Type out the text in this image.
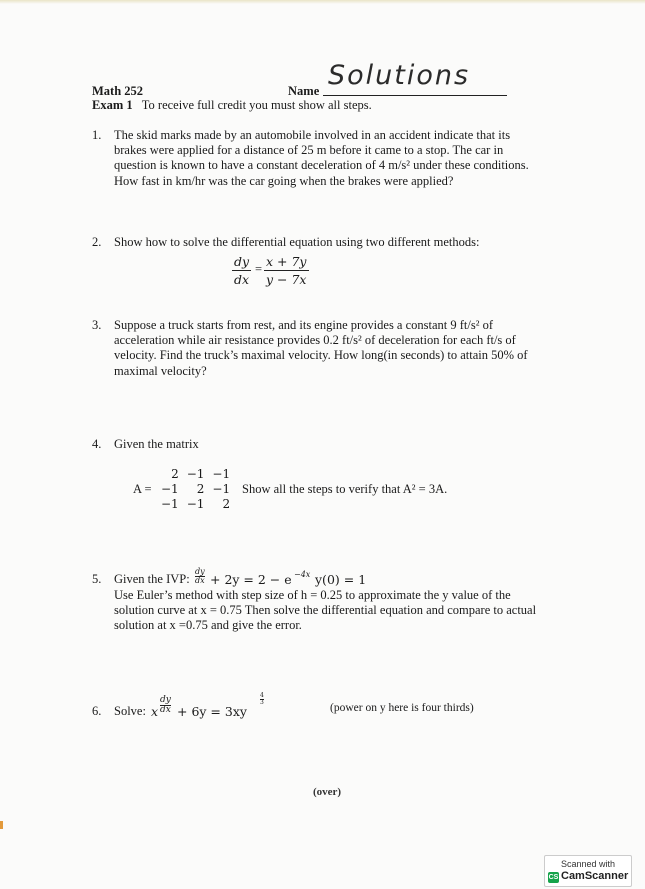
Math 252	Name Solutions
Exam 1 To receive full credit you must show all steps.
1.	The skid marks made by an automobile involved in an accident indicate that its
brakes were applied for a distance of 25 m before it came to a stop. The car in
question is known to have a constant deceleration of 4 m/s² under these conditions.
How fast in km/hr was the car going when the brakes were applied?
2.	Show how to solve the differential equation using two different methods:
$\frac{dy}{dx} = \frac{x + 7y}{y - 7x}$
3.	Suppose a truck starts from rest, and its engine provides a constant 9 ft/s² of
acceleration while air resistance provides 0.2 ft/s² of deceleration for each ft/s of
velocity. Find the truck’s maximal velocity. How long(in seconds) to attain 50% of
maximal velocity?
4.	Given the matrix
A =
2	−1	−1
−1	2	−1
−1	−1	2
Show all the steps to verify that A² = 3A.
5.	Given the IVP: $\frac{dy}{dx} + 2y = 2 - e -4x$ y(0) = 1
Use Euler’s method with step size of h = 0.25 to approximate the y value of the
solution curve at x = 0.75 Then solve the differential equation and compare to actual
solution at x =0.75 and give the error.
6.	Solve: x $\frac{dy}{dx} + 6y = 3xy$
$\frac{4}{3}$
(power on y here is four thirds)
(over)
Scanned with
CS CamScanner
